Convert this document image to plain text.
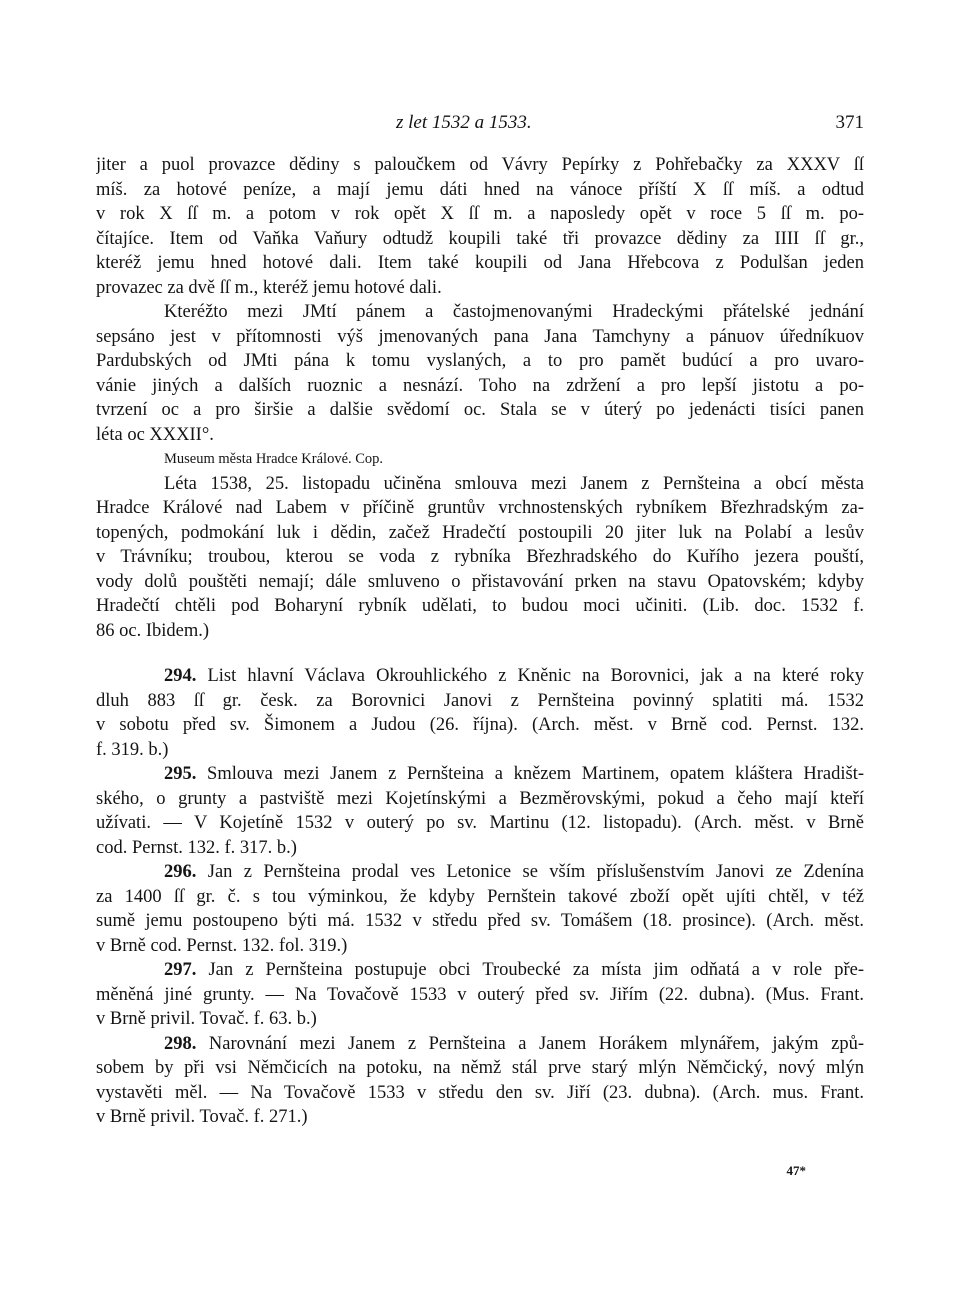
z let 1532 a 1533.	371
jiter a puol provazce dědiny s paloučkem od Vávry Pepírky z Pohřebačky za XXXV ſſ
míš. za hotové peníze, a mají jemu dáti hned na vánoce příští X ſſ míš. a odtud
v rok X ſſ m. a potom v rok opět X ſſ m. a naposledy opět v roce 5 ſſ m. po-
čítajíce. Item od Vaňka Vaňury odtudž koupili také tři provazce dědiny za IIII ſſ gr.,
kteréž jemu hned hotové dali. Item také koupili od Jana Hřebcova z Podulšan jeden
provazec za dvě ſſ m., kteréž jemu hotové dali.
Kteréžto mezi JMtí pánem a častojmenovanými Hradeckými přátelské jednání
sepsáno jest v přítomnosti výš jmenovaných pana Jana Tamchyny a pánuov úředníkuov
Pardubských od JMti pána k tomu vyslaných, a to pro pamět budúcí a pro uvaro-
vánie jiných a dalších ruoznic a nesnází. Toho na zdržení a pro lepší jistotu a po-
tvrzení oc a pro širšie a dalšie svědomí oc. Stala se v úterý po jedenácti tisíci panen
léta oc XXXII°.
Museum města Hradce Králové. Cop.
Léta 1538, 25. listopadu učiněna smlouva mezi Janem z Pernšteina a obcí města
Hradce Králové nad Labem v příčině gruntův vrchnostenských rybníkem Březhradským za-
topených, podmokání luk i dědin, začež Hradečtí postoupili 20 jiter luk na Polabí a lesův
v Trávníku; troubou, kterou se voda z rybníka Březhradského do Kuřího jezera pouští,
vody dolů pouštěti nemají; dále smluveno o přistavování prken na stavu Opatovském; kdyby
Hradečtí chtěli pod Boharyní rybník udělati, to budou moci učiniti. (Lib. doc. 1532 f.
86 oc. Ibidem.)
294. List hlavní Václava Okrouhlického z Kněnic na Borovnici, jak a na které roky
dluh 883 ſſ gr. česk. za Borovnici Janovi z Pernšteina povinný splatiti má. 1532
v sobotu před sv. Šimonem a Judou (26. října). (Arch. měst. v Brně cod. Pernst. 132.
f. 319. b.)
295. Smlouva mezi Janem z Pernšteina a knězem Martinem, opatem kláštera Hradišt-
ského, o grunty a pastviště mezi Kojetínskými a Bezměrovskými, pokud a čeho mají kteří
užívati. — V Kojetíně 1532 v outerý po sv. Martinu (12. listopadu). (Arch. měst. v Brně
cod. Pernst. 132. f. 317. b.)
296. Jan z Pernšteina prodal ves Letonice se vším příslušenstvím Janovi ze Zdenína
za 1400 ſſ gr. č. s tou výminkou, že kdyby Pernštein takové zboží opět ujíti chtěl, v též
sumě jemu postoupeno býti má. 1532 v středu před sv. Tomášem (18. prosince). (Arch. měst.
v Brně cod. Pernst. 132. fol. 319.)
297. Jan z Pernšteina postupuje obci Troubecké za místa jim odňatá a v role pře-
měněná jiné grunty. — Na Tovačově 1533 v outerý před sv. Jiřím (22. dubna). (Mus. Frant.
v Brně privil. Tovač. f. 63. b.)
298. Narovnání mezi Janem z Pernšteina a Janem Horákem mlynářem, jakým způ-
sobem by při vsi Němčicích na potoku, na němž stál prve starý mlýn Němčický, nový mlýn
vystavěti měl. — Na Tovačově 1533 v středu den sv. Jiří (23. dubna). (Arch. mus. Frant.
v Brně privil. Tovač. f. 271.)
47*
